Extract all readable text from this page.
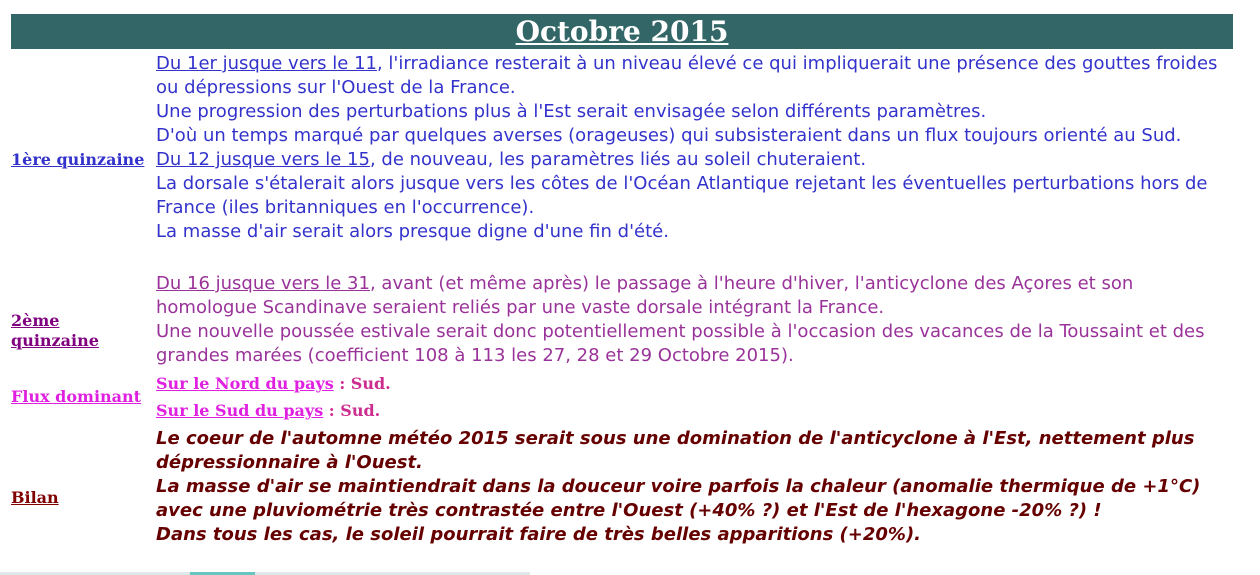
Octobre 2015
1ère quinzaine

Du 1er jusque vers le 11, l'irradiance resterait à un niveau élevé ce qui impliquerait une présence des gouttes froides ou dépressions sur l'Ouest de la France.

Une progression des perturbations plus à l'Est serait envisagée selon différents paramètres.

D'où un temps marqué par quelques averses (orageuses) qui subsisteraient dans un flux toujours orienté au Sud.

Du 12 jusque vers le 15, de nouveau, les paramètres liés au soleil chuteraient.

La dorsale s'étalerait alors jusque vers les côtes de l'Océan Atlantique rejetant les éventuelles perturbations hors de France (iles britanniques en l'occurrence).

La masse d'air serait alors presque digne d'une fin d'été.

2ème quinzaine

Du 16 jusque vers le 31, avant (et même après) le passage à l'heure d'hiver, l'anticyclone des Açores et son homologue Scandinave seraient reliés par une vaste dorsale intégrant la France.

Une nouvelle poussée estivale serait donc potentiellement possible à l'occasion des vacances de la Toussaint et des grandes marées (coefficient 108 à 113 les 27, 28 et 29 Octobre 2015).

Flux dominant
Sur le Nord du pays : Sud.
Sur le Sud du pays : Sud.
Bilan

Le coeur de l'automne météo 2015 serait sous une domination de l'anticyclone à l'Est, nettement plus dépressionnaire à l'Ouest.

La masse d'air se maintiendrait dans la douceur voire parfois la chaleur (anomalie thermique de +1°C) avec une pluviométrie très contrastée entre l'Ouest (+40% ?) et l'Est de l'hexagone -20% ?) !

Dans tous les cas, le soleil pourrait faire de très belles apparitions (+20%).
